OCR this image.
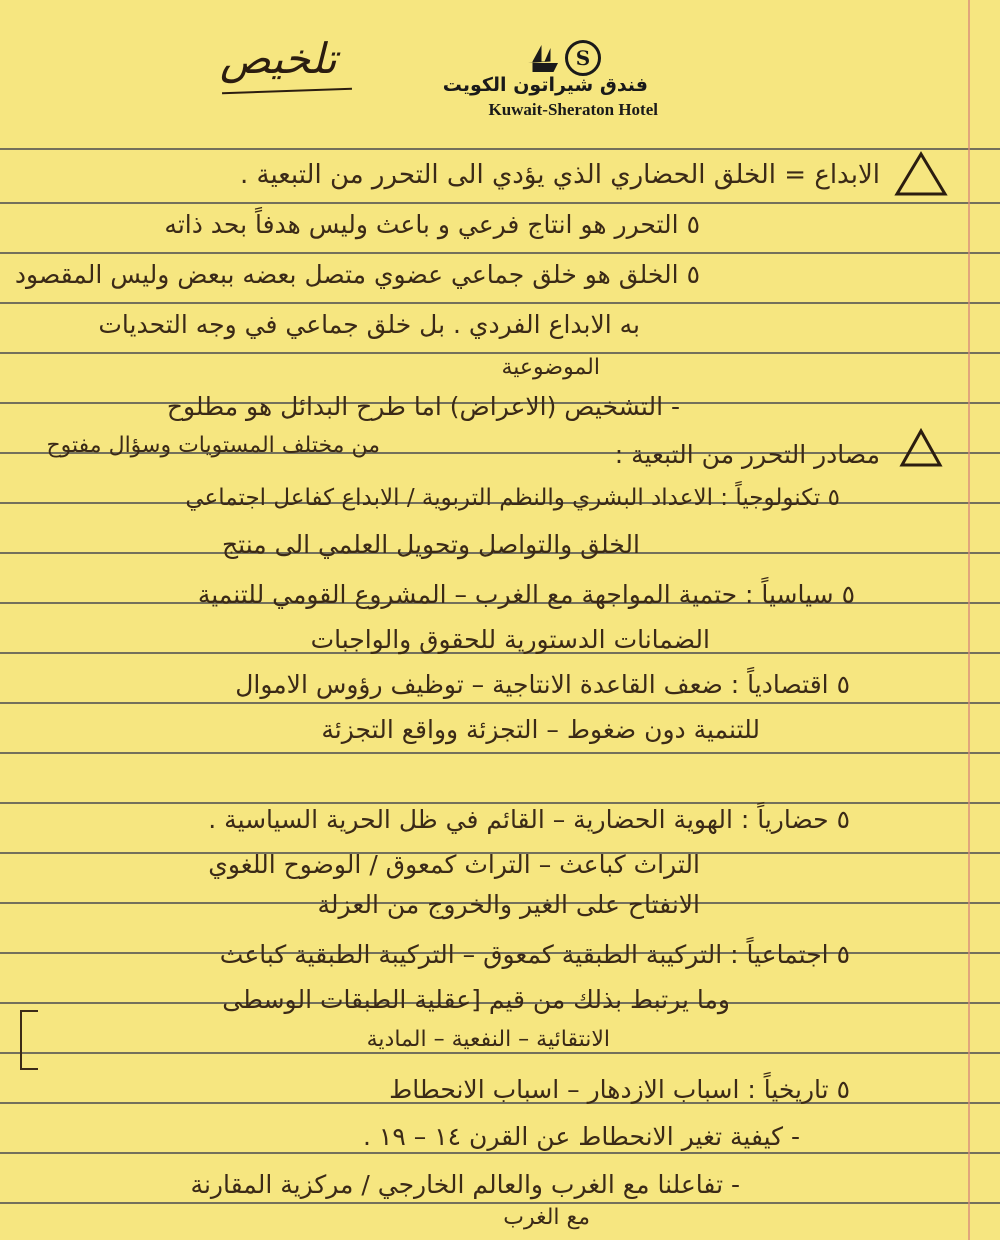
تلخيص	S
فندق شيراتون الكويت
Kuwait-Sheraton Hotel
الابداع = الخلق الحضاري الذي يؤدي الى التحرر من التبعية .
٥ التحرر هو انتاج فرعي و باعث وليس هدفاً بحد ذاته
٥ الخلق هو خلق جماعي عضوي متصل بعضه ببعض وليس المقصود
به الابداع الفردي . بل خلق جماعي في وجه التحديات
الموضوعية
- التشخيص (الاعراض) اما طرح البدائل هو مطلوح
مصادر التحرر من التبعية :
من مختلف المستويات وسؤال مفتوح
٥ تكنولوجياً : الاعداد البشري والنظم التربوية / الابداع كفاعل اجتماعي
الخلق والتواصل وتحويل العلمي الى منتج
٥ سياسياً : حتمية المواجهة مع الغرب – المشروع القومي للتنمية
الضمانات الدستورية للحقوق والواجبات
٥ اقتصادياً : ضعف القاعدة الانتاجية – توظيف رؤوس الاموال
للتنمية دون ضغوط – التجزئة وواقع التجزئة
٥ حضارياً : الهوية الحضارية – القائم في ظل الحرية السياسية .
التراث كباعث – التراث كمعوق / الوضوح اللغوي
الانفتاح على الغير والخروج من العزلة
٥ اجتماعياً : التركيبة الطبقية كمعوق – التركيبة الطبقية كباعث
وما يرتبط بذلك من قيم [عقلية الطبقات الوسطى
الانتقائية – النفعية – المادية
٥ تاريخياً : اسباب الازدهار – اسباب الانحطاط
- كيفية تغير الانحطاط عن القرن ١٤ – ١٩ .
- تفاعلنا مع الغرب والعالم الخارجي / مركزية المقارنة
مع الغرب
